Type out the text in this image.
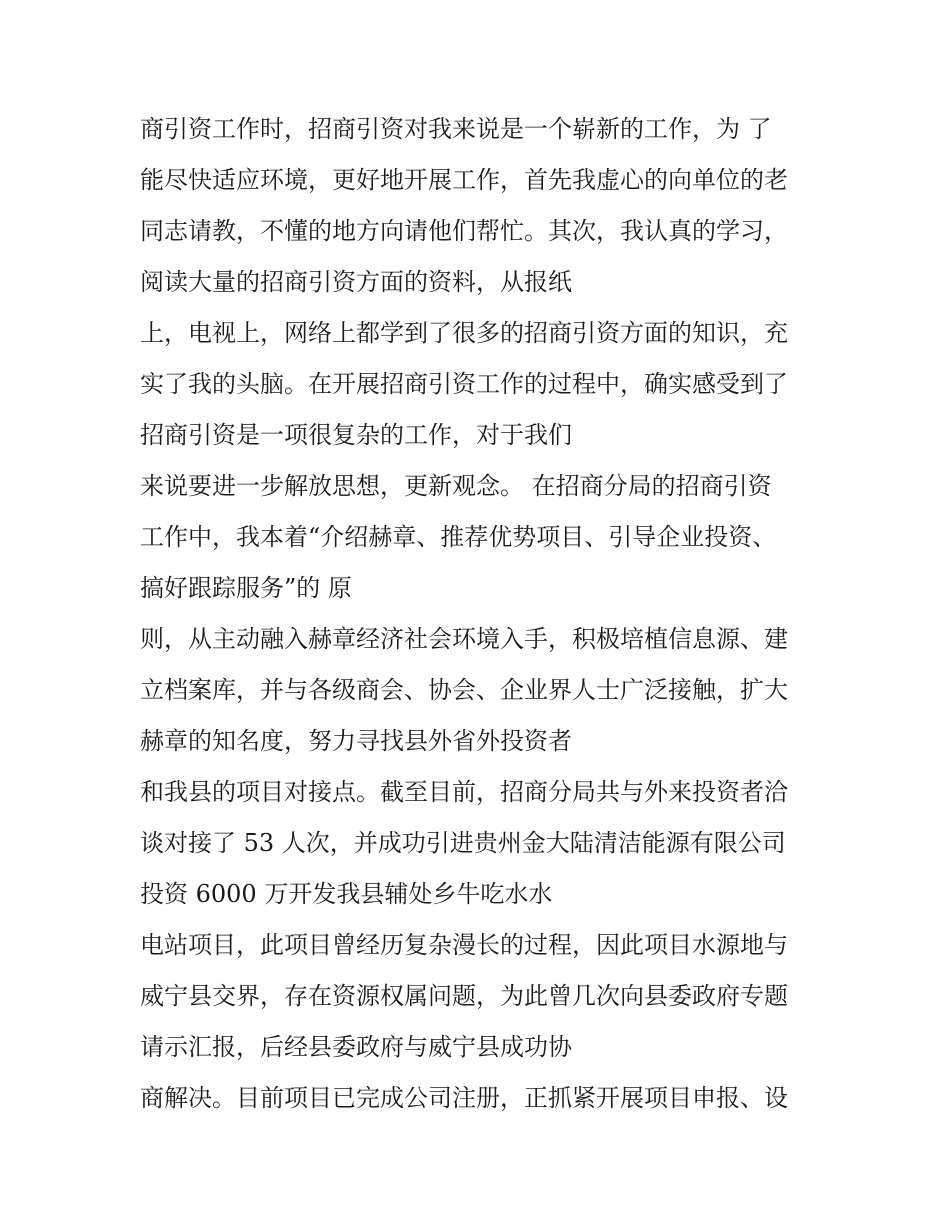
商引资工作时，招商引资对我来说是一个崭新的工作，为 了
能尽快适应环境，更好地开展工作，首先我虚心的向单位的老
同志请教，不懂的地方向请他们帮忙。其次，我认真的学习，
阅读大量的招商引资方面的资料，从报纸
上，电视上，网络上都学到了很多的招商引资方面的知识，充
实了我的头脑。在开展招商引资工作的过程中，确实感受到了
招商引资是一项很复杂的工作，对于我们
来说要进一步解放思想，更新观念。 在招商分局的招商引资
工作中，我本着“介绍赫章、推荐优势项目、引导企业投资、
搞好跟踪服务”的 原
则，从主动融入赫章经济社会环境入手，积极培植信息源、建
立档案库，并与各级商会、协会、企业界人士广泛接触，扩大
赫章的知名度，努力寻找县外省外投资者
和我县的项目对接点。截至目前，招商分局共与外来投资者洽
谈对接了 53 人次，并成功引进贵州金大陆清洁能源有限公司
投资 6000 万开发我县辅处乡牛吃水水
电站项目，此项目曾经历复杂漫长的过程，因此项目水源地与
威宁县交界，存在资源权属问题，为此曾几次向县委政府专题
请示汇报，后经县委政府与威宁县成功协
商解决。目前项目已完成公司注册，正抓紧开展项目申报、设
